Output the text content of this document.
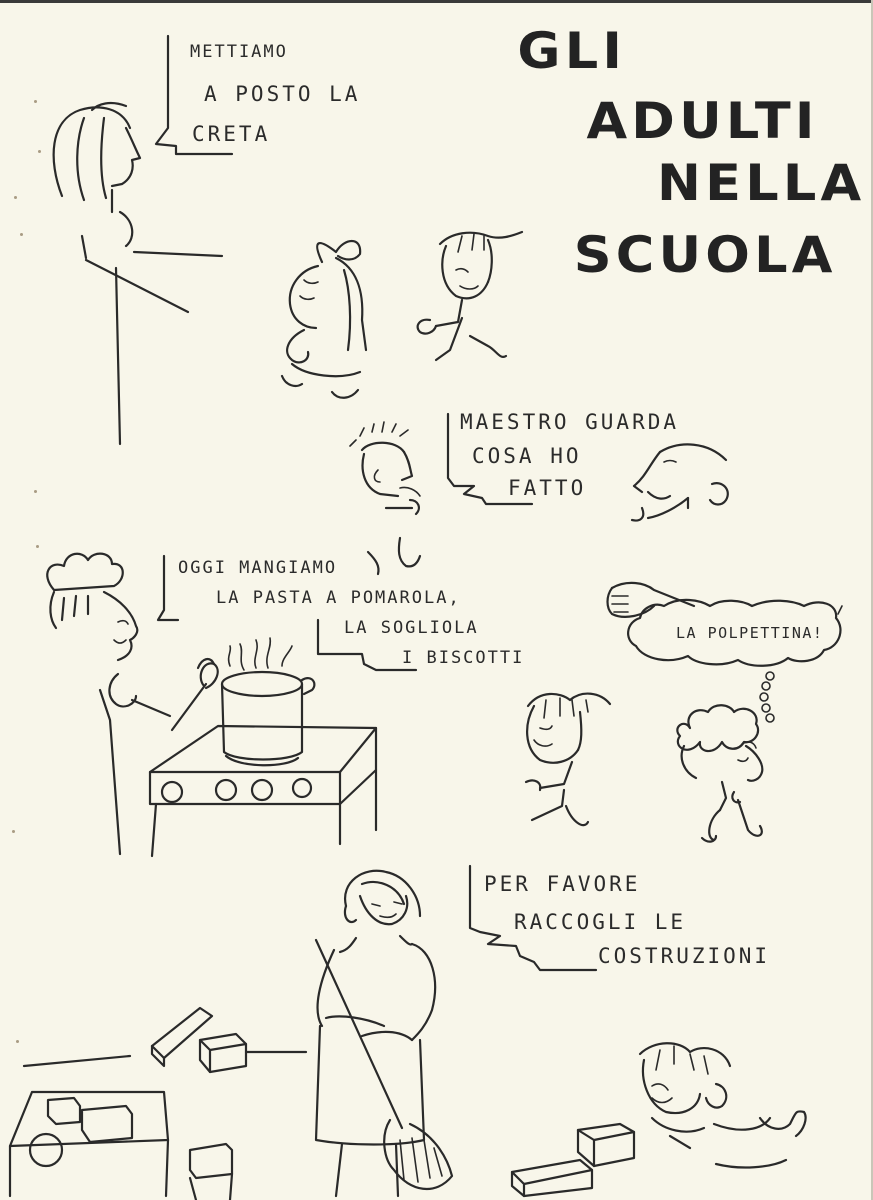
GLI
ADULTI
NELLA
SCUOLA
METTIAMO
A POSTO LA
CRETA
MAESTRO GUARDA
COSA HO
FATTO
OGGI MANGIAMO
LA PASTA A POMAROLA,
LA SOGLIOLA
I BISCOTTI
LA POLPETTINA!
PER FAVORE
RACCOGLI LE
COSTRUZIONI
